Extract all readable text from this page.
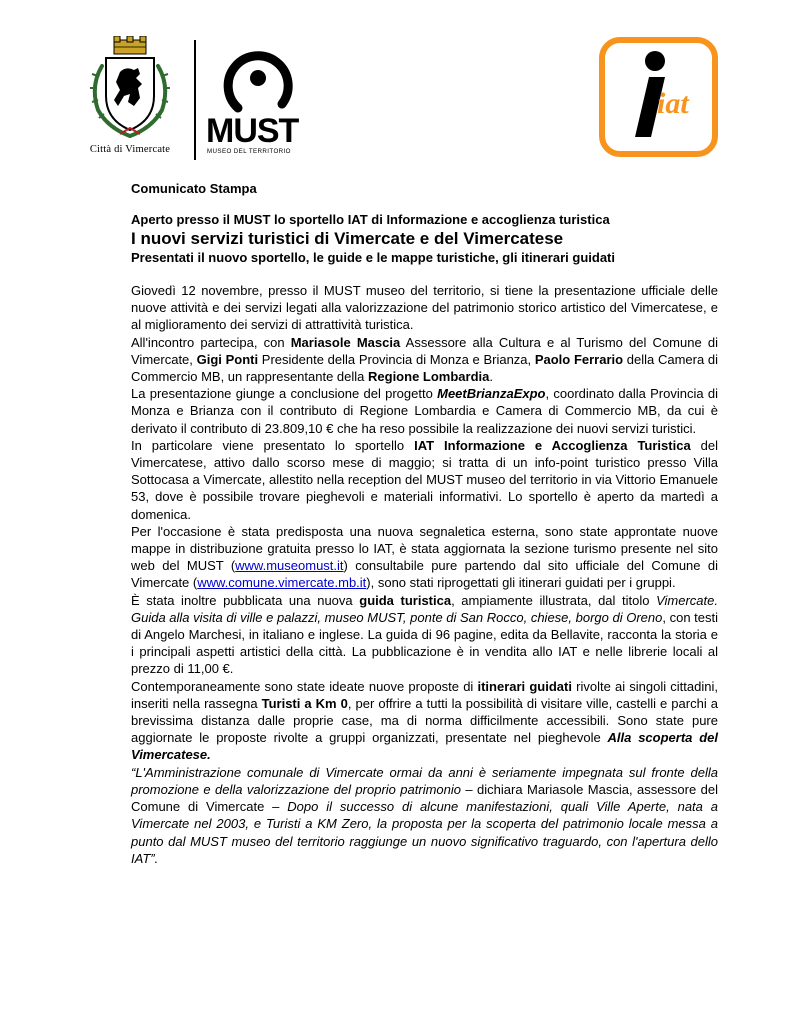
Città di Vimercate	MUST
MUSEO DEL TERRITORIO
iat
Comunicato Stampa
Aperto presso il MUST lo sportello IAT di Informazione e accoglienza turistica
I nuovi servizi turistici di Vimercate e del Vimercatese
Presentati il nuovo sportello, le guide e le mappe turistiche, gli itinerari guidati

Giovedì 12 novembre, presso il MUST museo del territorio, si tiene la presentazione ufficiale delle nuove attività e dei servizi legati alla valorizzazione del patrimonio storico artistico del Vimercatese, e al miglioramento dei servizi di attrattività turistica.

All'incontro partecipa, con Mariasole Mascia Assessore alla Cultura e al Turismo del Comune di Vimercate, Gigi Ponti Presidente della Provincia di Monza e Brianza, Paolo Ferrario della Camera di Commercio MB, un rappresentante della Regione Lombardia.

La presentazione giunge a conclusione del progetto MeetBrianzaExpo, coordinato dalla Provincia di Monza e Brianza con il contributo di Regione Lombardia e Camera di Commercio MB, da cui è derivato il contributo di 23.809,10 € che ha reso possibile la realizzazione dei nuovi servizi turistici.

In particolare viene presentato lo sportello IAT Informazione e Accoglienza Turistica del Vimercatese, attivo dallo scorso mese di maggio; si tratta di un info-point turistico presso Villa Sottocasa a Vimercate, allestito nella reception del MUST museo del territorio in via Vittorio Emanuele 53, dove è possibile trovare pieghevoli e materiali informativi. Lo sportello è aperto da martedì a domenica.

Per l'occasione è stata predisposta una nuova segnaletica esterna, sono state approntate nuove mappe in distribuzione gratuita presso lo IAT, è stata aggiornata la sezione turismo presente nel sito web del MUST (www.museomust.it) consultabile pure partendo dal sito ufficiale del Comune di Vimercate (www.comune.vimercate.mb.it), sono stati riprogettati gli itinerari guidati per i gruppi.

È stata inoltre pubblicata una nuova guida turistica, ampiamente illustrata, dal titolo Vimercate. Guida alla visita di ville e palazzi, museo MUST, ponte di San Rocco, chiese, borgo di Oreno, con testi di Angelo Marchesi, in italiano e inglese. La guida di 96 pagine, edita da Bellavite, racconta la storia e i principali aspetti artistici della città. La pubblicazione è in vendita allo IAT e nelle librerie locali al prezzo di 11,00 €.

Contemporaneamente sono state ideate nuove proposte di itinerari guidati rivolte ai singoli cittadini, inseriti nella rassegna Turisti a Km 0, per offrire a tutti la possibilità di visitare ville, castelli e parchi a brevissima distanza dalle proprie case, ma di norma difficilmente accessibili. Sono state pure aggiornate le proposte rivolte a gruppi organizzati, presentate nel pieghevole Alla scoperta del Vimercatese.

“L'Amministrazione comunale di Vimercate ormai da anni è seriamente impegnata sul fronte della promozione e della valorizzazione del proprio patrimonio – dichiara Mariasole Mascia, assessore del Comune di Vimercate – Dopo il successo di alcune manifestazioni, quali Ville Aperte, nata a Vimercate nel 2003, e Turisti a KM Zero, la proposta per la scoperta del patrimonio locale messa a punto dal MUST museo del territorio raggiunge un nuovo significativo traguardo, con l'apertura dello IAT”.
